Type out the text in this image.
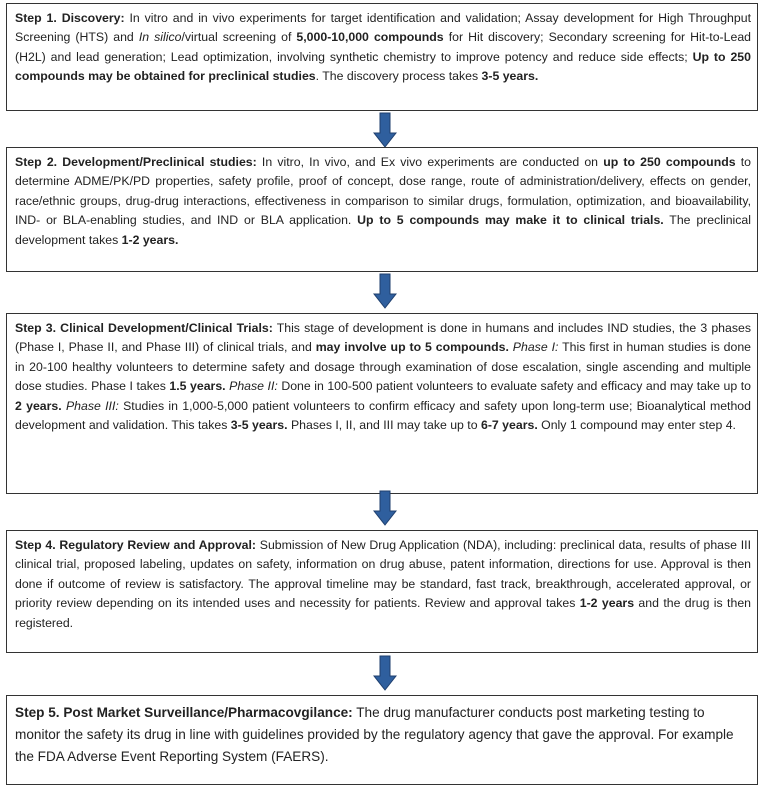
Step 1. Discovery: In vitro and in vivo experiments for target identification and validation; Assay development for High Throughput Screening (HTS) and In silico/virtual screening of 5,000-10,000 compounds for Hit discovery; Secondary screening for Hit-to-Lead (H2L) and lead generation; Lead optimization, involving synthetic chemistry to improve potency and reduce side effects; Up to 250 compounds may be obtained for preclinical studies. The discovery process takes 3-5 years.
Step 2. Development/Preclinical studies: In vitro, In vivo, and Ex vivo experiments are conducted on up to 250 compounds to determine ADME/PK/PD properties, safety profile, proof of concept, dose range, route of administration/delivery, effects on gender, race/ethnic groups, drug-drug interactions, effectiveness in comparison to similar drugs, formulation, optimization, and bioavailability, IND- or BLA-enabling studies, and IND or BLA application. Up to 5 compounds may make it to clinical trials. The preclinical development takes 1-2 years.
Step 3. Clinical Development/Clinical Trials: This stage of development is done in humans and includes IND studies, the 3 phases (Phase I, Phase II, and Phase III) of clinical trials, and may involve up to 5 compounds. Phase I: This first in human studies is done in 20-100 healthy volunteers to determine safety and dosage through examination of dose escalation, single ascending and multiple dose studies. Phase I takes 1.5 years. Phase II: Done in 100-500 patient volunteers to evaluate safety and efficacy and may take up to 2 years. Phase III: Studies in 1,000-5,000 patient volunteers to confirm efficacy and safety upon long-term use; Bioanalytical method development and validation. This takes 3-5 years. Phases I, II, and III may take up to 6-7 years. Only 1 compound may enter step 4.
Step 4. Regulatory Review and Approval: Submission of New Drug Application (NDA), including: preclinical data, results of phase III clinical trial, proposed labeling, updates on safety, information on drug abuse, patent information, directions for use. Approval is then done if outcome of review is satisfactory. The approval timeline may be standard, fast track, breakthrough, accelerated approval, or priority review depending on its intended uses and necessity for patients. Review and approval takes 1-2 years and the drug is then registered.
Step 5. Post Market Surveillance/Pharmacovgilance: The drug manufacturer conducts post marketing testing to monitor the safety its drug in line with guidelines provided by the regulatory agency that gave the approval. For example the FDA Adverse Event Reporting System (FAERS).
